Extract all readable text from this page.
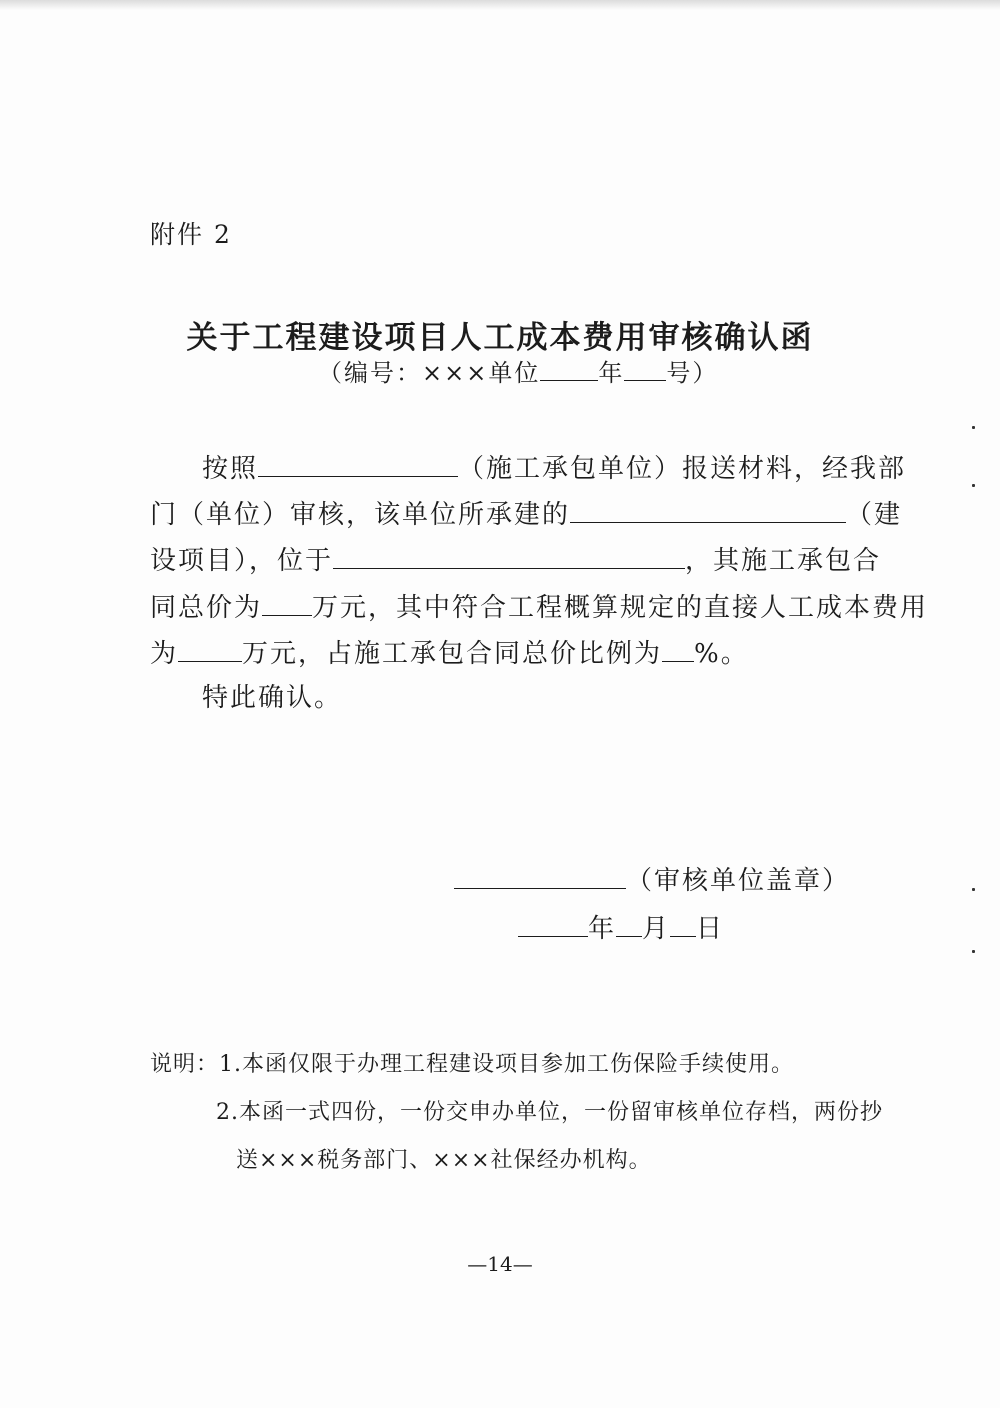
附件 2
关于工程建设项目人工成本费用审核确认函
（编号：×××单位 年 号）
按照	（施工承包单位）报送材料，经我部
门（单位）审核，该单位所承建的	（建
设项目），位于	，其施工承包合
同总价为 万元，其中符合工程概算规定的直接人工成本费用
为 万元，占施工承包合同总价比例为 %。
特此确认。
（审核单位盖章）
年 月 日
说明：1.本函仅限于办理工程建设项目参加工伤保险手续使用。
2.本函一式四份，一份交申办单位，一份留审核单位存档，两份抄
送×××税务部门、×××社保经办机构。
—14—
